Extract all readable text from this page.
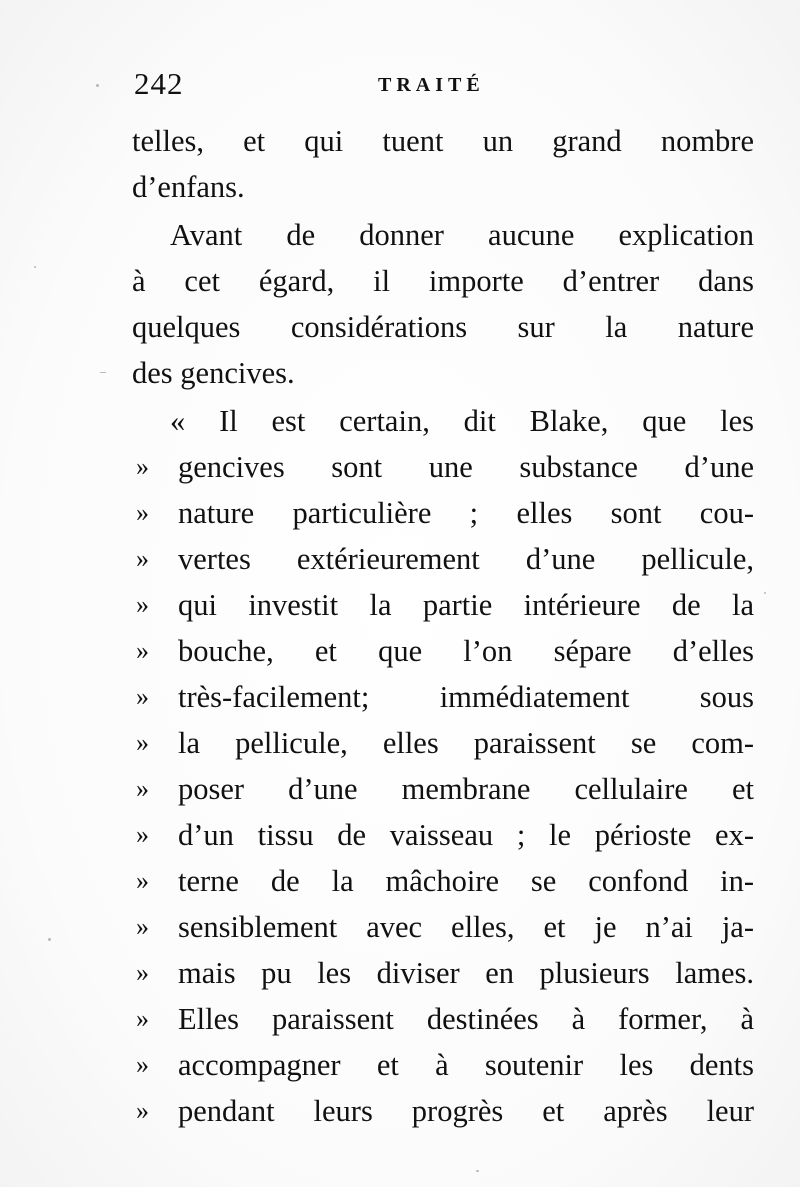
242	TRAITÉ
telles, et qui tuent un grand nombre
d’enfans.
Avant de donner aucune explication
à cet égard, il importe d’entrer dans
quelques considérations sur la nature
des gencives.
« Il est certain, dit Blake, que les
» gencives sont une substance d’une
» nature particulière ; elles sont cou-
» vertes extérieurement d’une pellicule,
» qui investit la partie intérieure de la
» bouche, et que l’on sépare d’elles
» très-facilement; immédiatement sous
» la pellicule, elles paraissent se com-
» poser d’une membrane cellulaire et
» d’un tissu de vaisseau ; le périoste ex-
» terne de la mâchoire se confond in-
» sensiblement avec elles, et je n’ai ja-
» mais pu les diviser en plusieurs lames.
» Elles paraissent destinées à former, à
» accompagner et à soutenir les dents
» pendant leurs progrès et après leur
